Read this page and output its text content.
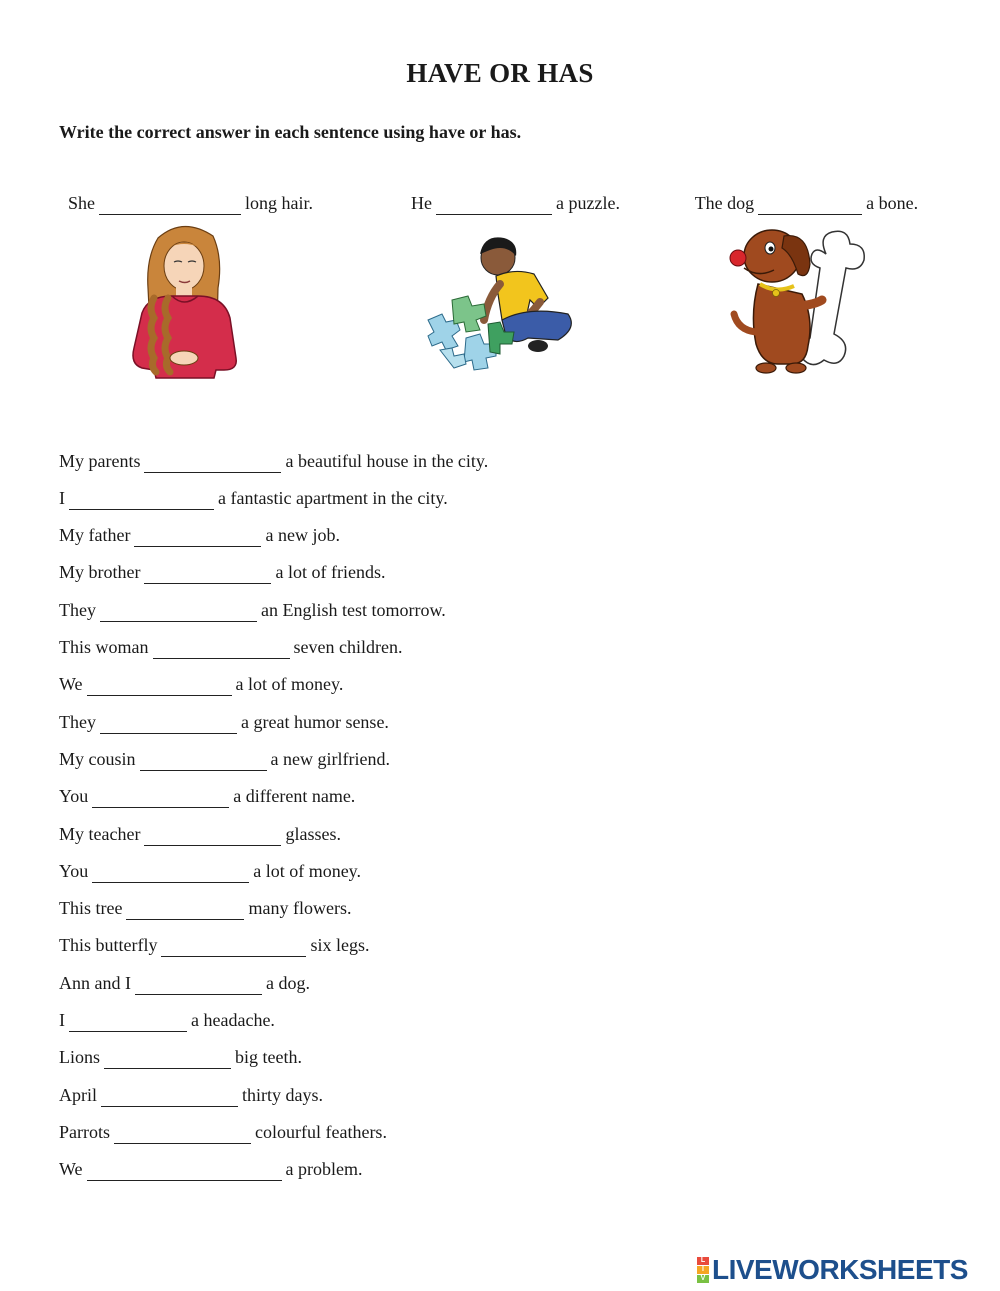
HAVE OR HAS
Write the correct answer in each sentence using have or has.

She	long hair.	He	a puzzle.	The dog	a bone.

My parents	a beautiful house in the city.
I	a fantastic apartment in the city.
My father	a new job.
My brother	a lot of friends.
They	an English test tomorrow.
This woman	seven children.
We	a lot of money.
They	a great humor sense.
My cousin	a new girlfriend.
You	a different name.
My teacher	glasses.
You	a lot of money.
This tree	many flowers.
This butterfly	six legs.
Ann and I	a dog.
I	a headache.
Lions	big teeth.
April	thirty days.
Parrots	colourful feathers.
We	a problem.
L
I
V LIVEWORKSHEETS
